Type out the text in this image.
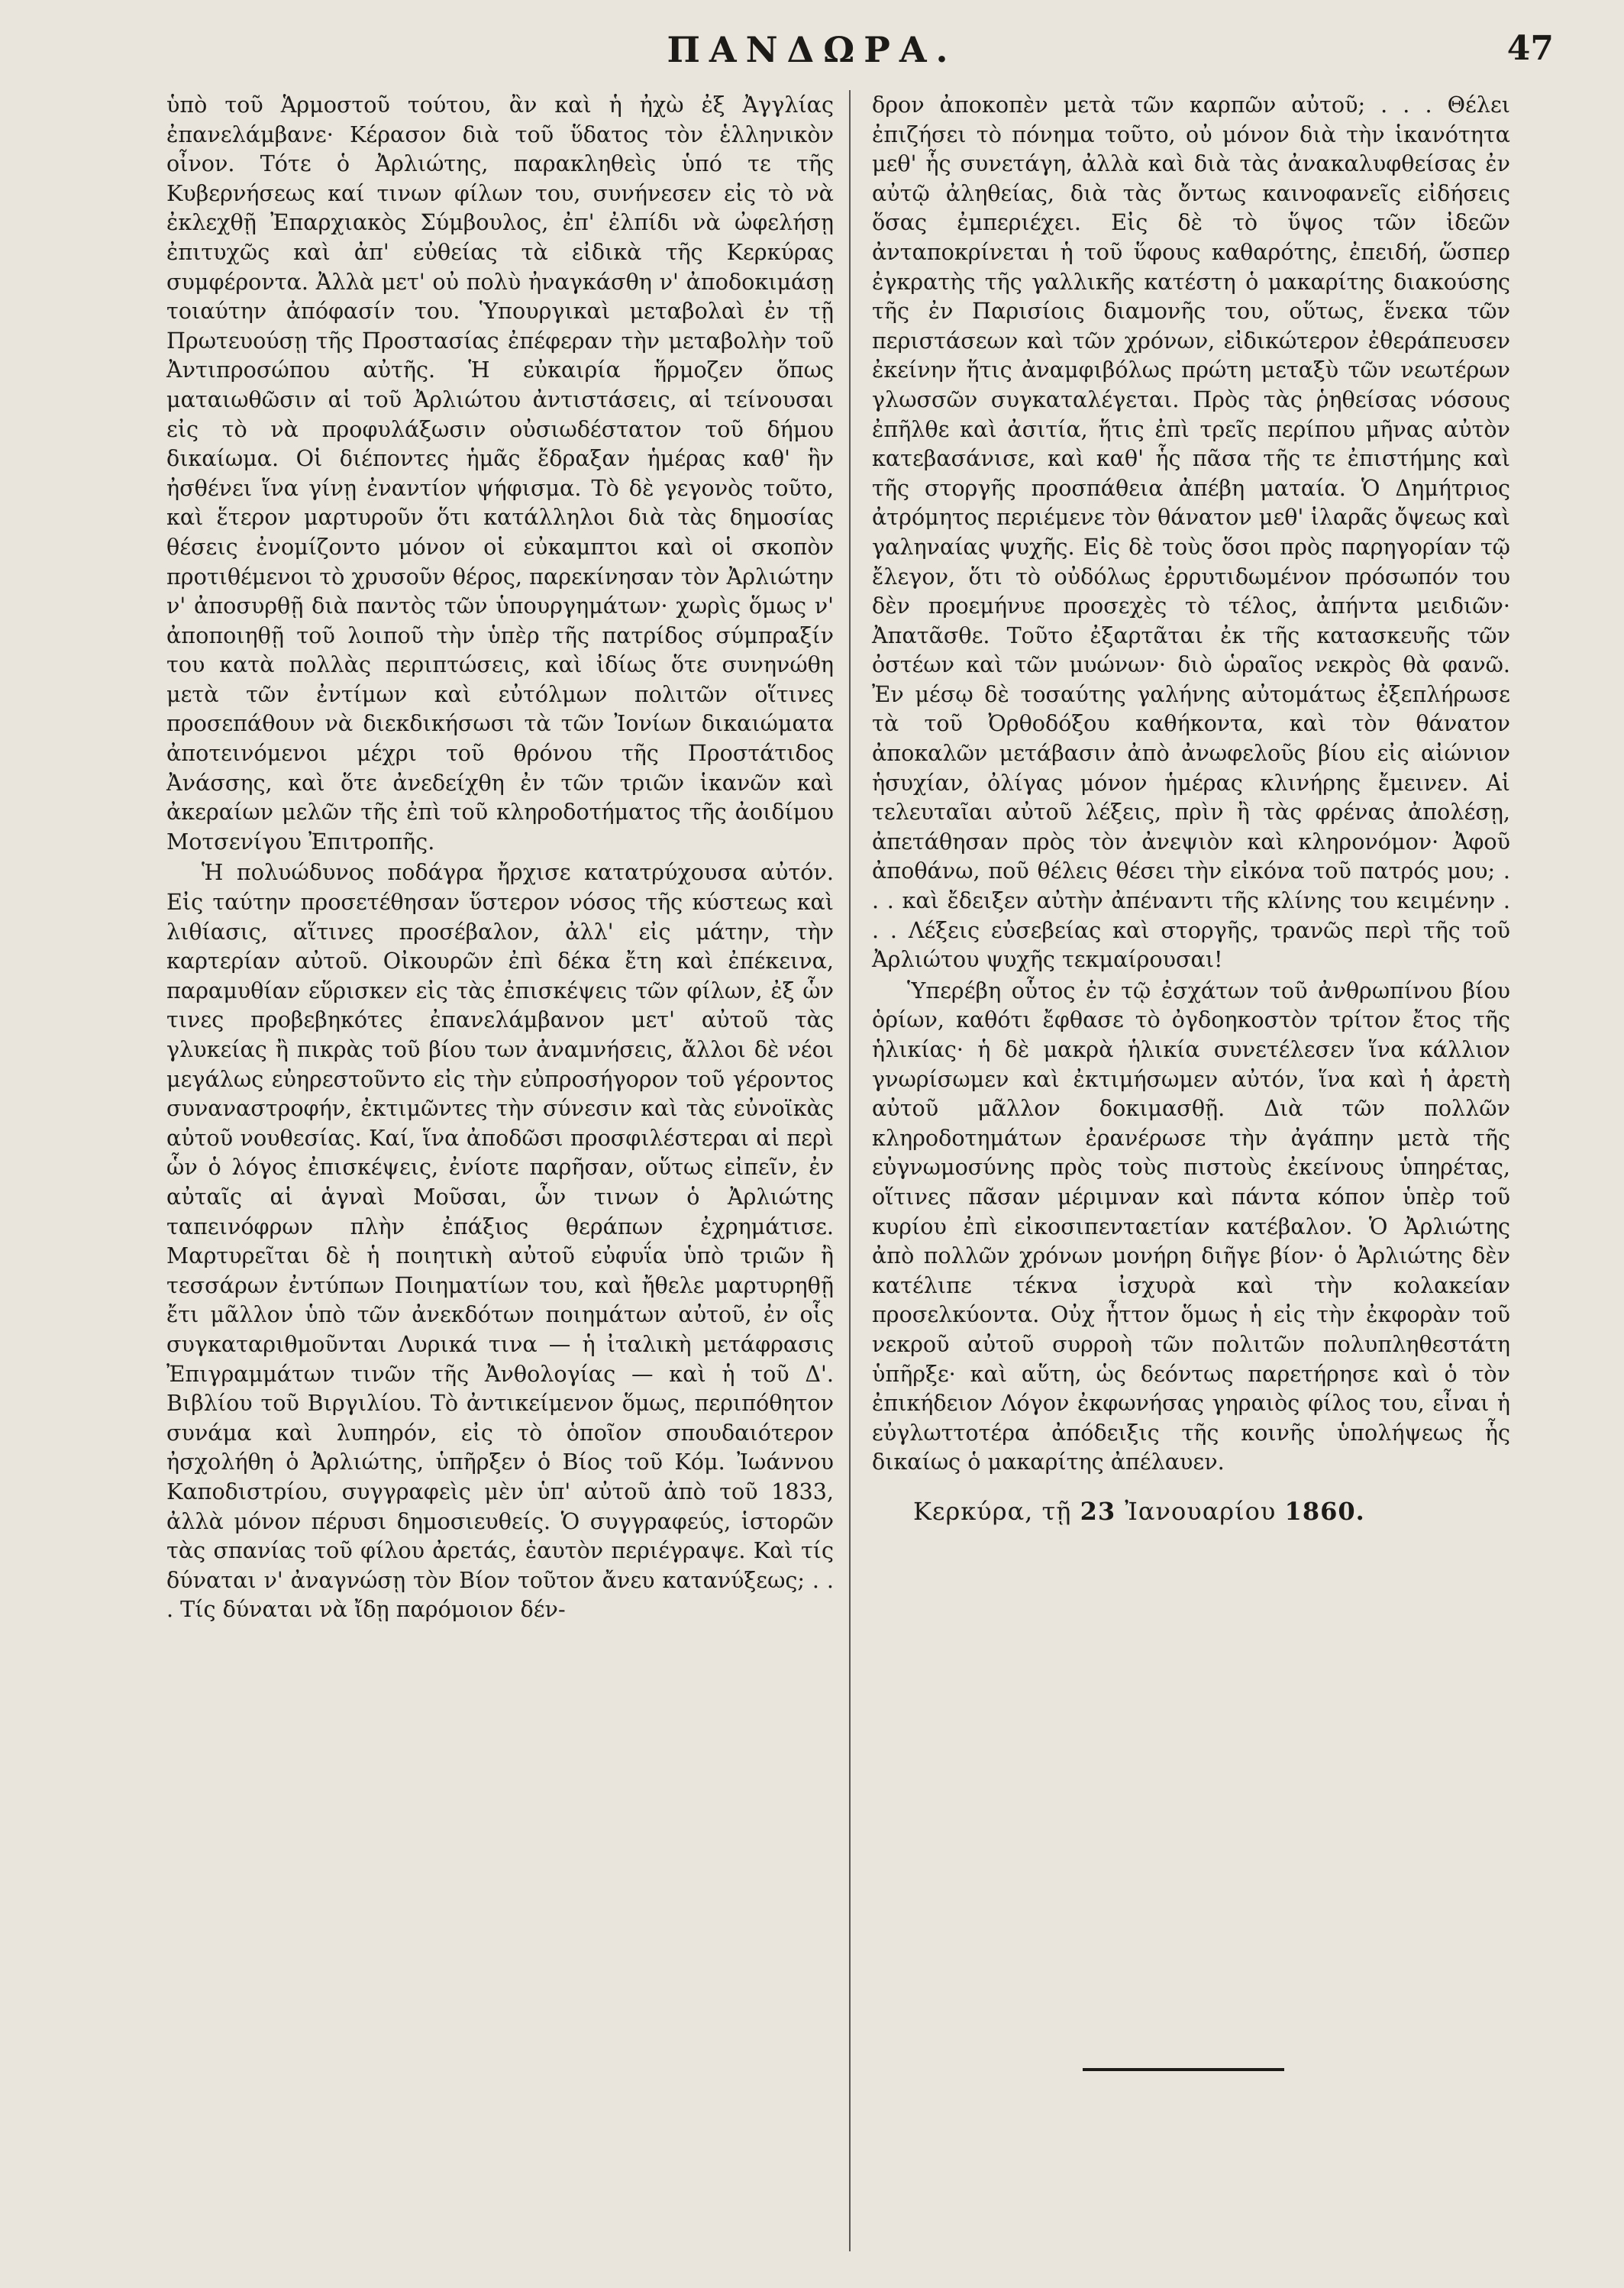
ΠΑΝΔΩΡΑ.	47

ὑπὸ τοῦ Ἁρμοστοῦ τούτου, ἂν καὶ ἡ ἠχὼ ἐξ Ἀγγλίας ἐπανελάμβανε· Κέρασον διὰ τοῦ ὕδατος τὸν ἑλληνικὸν οἶνον. Τότε ὁ Ἀρλιώτης, παρακληθεὶς ὑπό τε τῆς Κυβερνήσεως καί τινων φίλων του, συνήνεσεν εἰς τὸ νὰ ἐκλεχθῇ Ἐπαρχιακὸς Σύμβουλος, ἐπ' ἐλπίδι νὰ ὠφελήσῃ ἐπιτυχῶς καὶ ἀπ' εὐθείας τὰ εἰδικὰ τῆς Κερκύρας συμφέροντα. Ἀλλὰ μετ' οὐ πολὺ ἠναγκάσθη ν' ἀποδοκιμάσῃ τοιαύτην ἀπόφασίν του. Ὑπουργικαὶ μεταβολαὶ ἐν τῇ Πρωτευούσῃ τῆς Προστασίας ἐπέφεραν τὴν μεταβολὴν τοῦ Ἀντιπροσώπου αὐτῆς. Ἡ εὐκαιρία ἥρμοζεν ὅπως ματαιωθῶσιν αἱ τοῦ Ἀρλιώτου ἀντιστάσεις, αἱ τείνουσαι εἰς τὸ νὰ προφυλάξωσιν οὐσιωδέστατον τοῦ δήμου δικαίωμα. Οἱ διέποντες ἡμᾶς ἔδραξαν ἡμέρας καθ' ἣν ἠσθένει ἵνα γίνῃ ἐναντίον ψήφισμα. Τὸ δὲ γεγονὸς τοῦτο, καὶ ἕτερον μαρτυροῦν ὅτι κατάλληλοι διὰ τὰς δημοσίας θέσεις ἐνομίζοντο μόνον οἱ εὐκαμπτοι καὶ οἱ σκοπὸν προτιθέμενοι τὸ χρυσοῦν θέρος, παρεκίνησαν τὸν Ἀρλιώτην ν' ἀποσυρθῇ διὰ παντὸς τῶν ὑπουργημάτων· χωρὶς ὅμως ν' ἀποποιηθῇ τοῦ λοιποῦ τὴν ὑπὲρ τῆς πατρίδος σύμπραξίν του κατὰ πολλὰς περιπτώσεις, καὶ ἰδίως ὅτε συνηνώθη μετὰ τῶν ἐντίμων καὶ εὐτόλμων πολιτῶν οἵτινες προσεπάθουν νὰ διεκδικήσωσι τὰ τῶν Ἰονίων δικαιώματα ἀποτεινόμενοι μέχρι τοῦ θρόνου τῆς Προστάτιδος Ἀνάσσης, καὶ ὅτε ἀνεδείχθη ἐν τῶν τριῶν ἱκανῶν καὶ ἀκεραίων μελῶν τῆς ἐπὶ τοῦ κληροδοτήματος τῆς ἀοιδίμου Μοτσενίγου Ἐπιτροπῆς.

Ἡ πολυώδυνος ποδάγρα ἤρχισε κατατρύχουσα αὐτόν. Εἰς ταύτην προσετέθησαν ὕστερον νόσος τῆς κύστεως καὶ λιθίασις, αἵτινες προσέβαλον, ἀλλ' εἰς μάτην, τὴν καρτερίαν αὐτοῦ. Οἰκουρῶν ἐπὶ δέκα ἔτη καὶ ἐπέκεινα, παραμυθίαν εὕρισκεν εἰς τὰς ἐπισκέψεις τῶν φίλων, ἐξ ὧν τινες προβεβηκότες ἐπανελάμβανον μετ' αὐτοῦ τὰς γλυκείας ἢ πικρὰς τοῦ βίου των ἀναμνήσεις, ἄλλοι δὲ νέοι μεγάλως εὐηρεστοῦντο εἰς τὴν εὐπροσήγορον τοῦ γέροντος συναναστροφήν, ἐκτιμῶντες τὴν σύνεσιν καὶ τὰς εὐνοϊκὰς αὐτοῦ νουθεσίας. Καί, ἵνα ἀποδῶσι προσφιλέστεραι αἱ περὶ ὧν ὁ λόγος ἐπισκέψεις, ἐνίοτε παρῆσαν, οὕτως εἰπεῖν, ἐν αὐταῖς αἱ ἁγναὶ Μοῦσαι, ὧν τινων ὁ Ἀρλιώτης ταπεινόφρων πλὴν ἐπάξιος θεράπων ἐχρημάτισε. Μαρτυρεῖται δὲ ἡ ποιητικὴ αὐτοῦ εὐφυΐα ὑπὸ τριῶν ἢ τεσσάρων ἐντύπων Ποιηματίων του, καὶ ἤθελε μαρτυρηθῇ ἔτι μᾶλλον ὑπὸ τῶν ἀνεκδότων ποιημάτων αὐτοῦ, ἐν οἷς συγκαταριθμοῦνται Λυρικά τινα — ἡ ἰταλικὴ μετάφρασις Ἐπιγραμμάτων τινῶν τῆς Ἀνθολογίας — καὶ ἡ τοῦ Δ'. Βιβλίου τοῦ Βιργιλίου. Τὸ ἀντικείμενον ὅμως, περιπόθητον συνάμα καὶ λυπηρόν, εἰς τὸ ὁποῖον σπουδαιότερον ἠσχολήθη ὁ Ἀρλιώτης, ὑπῆρξεν ὁ Βίος τοῦ Κόμ. Ἰωάννου Καποδιστρίου, συγγραφεὶς μὲν ὑπ' αὐτοῦ ἀπὸ τοῦ 1833, ἀλλὰ μόνον πέρυσι δημοσιευθείς. Ὁ συγγραφεύς, ἱστορῶν τὰς σπανίας τοῦ φίλου ἀρετάς, ἑαυτὸν περιέγραψε. Καὶ τίς δύναται ν' ἀναγνώσῃ τὸν Βίον τοῦτον ἄνευ κατανύξεως; . . . Τίς δύναται νὰ ἴδῃ παρόμοιον δέν-

δρον ἀποκοπὲν μετὰ τῶν καρπῶν αὐτοῦ; . . . Θέλει ἐπιζήσει τὸ πόνημα τοῦτο, οὐ μόνον διὰ τὴν ἱκανότητα μεθ' ἧς συνετάγη, ἀλλὰ καὶ διὰ τὰς ἀνακαλυφθείσας ἐν αὐτῷ ἀληθείας, διὰ τὰς ὄντως καινοφανεῖς εἰδήσεις ὅσας ἐμπεριέχει. Εἰς δὲ τὸ ὕψος τῶν ἰδεῶν ἀνταποκρίνεται ἡ τοῦ ὕφους καθαρότης, ἐπειδή, ὥσπερ ἐγκρατὴς τῆς γαλλικῆς κατέστη ὁ μακαρίτης διακούσης τῆς ἐν Παρισίοις διαμονῆς του, οὕτως, ἕνεκα τῶν περιστάσεων καὶ τῶν χρόνων, εἰδικώτερον ἐθεράπευσεν ἐκείνην ἥτις ἀναμφιβόλως πρώτη μεταξὺ τῶν νεωτέρων γλωσσῶν συγκαταλέγεται. Πρὸς τὰς ῥηθείσας νόσους ἐπῆλθε καὶ ἀσιτία, ἥτις ἐπὶ τρεῖς περίπου μῆνας αὐτὸν κατεβασάνισε, καὶ καθ' ἧς πᾶσα τῆς τε ἐπιστήμης καὶ τῆς στοργῆς προσπάθεια ἀπέβη ματαία. Ὁ Δημήτριος ἀτρόμητος περιέμενε τὸν θάνατον μεθ' ἱλαρᾶς ὄψεως καὶ γαληναίας ψυχῆς. Εἰς δὲ τοὺς ὅσοι πρὸς παρηγορίαν τῷ ἔλεγον, ὅτι τὸ οὐδόλως ἐρρυτιδωμένον πρόσωπόν του δὲν προεμήνυε προσεχὲς τὸ τέλος, ἀπήντα μειδιῶν· Ἀπατᾶσθε. Τοῦτο ἐξαρτᾶται ἐκ τῆς κατασκευῆς τῶν ὀστέων καὶ τῶν μυώνων· διὸ ὡραῖος νεκρὸς θὰ φανῶ. Ἐν μέσῳ δὲ τοσαύτης γαλήνης αὐτομάτως ἐξεπλήρωσε τὰ τοῦ Ὀρθοδόξου καθήκοντα, καὶ τὸν θάνατον ἀποκαλῶν μετάβασιν ἀπὸ ἀνωφελοῦς βίου εἰς αἰώνιον ἡσυχίαν, ὀλίγας μόνον ἡμέρας κλινήρης ἔμεινεν. Αἱ τελευταῖαι αὐτοῦ λέξεις, πρὶν ἢ τὰς φρένας ἀπολέσῃ, ἀπετάθησαν πρὸς τὸν ἀνεψιὸν καὶ κληρονόμον· Ἀφοῦ ἀποθάνω, ποῦ θέλεις θέσει τὴν εἰκόνα τοῦ πατρός μου; . . . καὶ ἔδειξεν αὐτὴν ἀπέναντι τῆς κλίνης του κειμένην . . . Λέξεις εὐσεβείας καὶ στοργῆς, τρανῶς περὶ τῆς τοῦ Ἀρλιώτου ψυχῆς τεκμαίρουσαι!

Ὑπερέβη οὗτος ἐν τῷ ἐσχάτων τοῦ ἀνθρωπίνου βίου ὁρίων, καθότι ἔφθασε τὸ ὀγδοηκοστὸν τρίτον ἔτος τῆς ἡλικίας· ἡ δὲ μακρὰ ἡλικία συνετέλεσεν ἵνα κάλλιον γνωρίσωμεν καὶ ἐκτιμήσωμεν αὐτόν, ἵνα καὶ ἡ ἀρετὴ αὐτοῦ μᾶλλον δοκιμασθῇ. Διὰ τῶν πολλῶν κληροδοτημάτων ἐρανέρωσε τὴν ἀγάπην μετὰ τῆς εὐγνωμοσύνης πρὸς τοὺς πιστοὺς ἐκείνους ὑπηρέτας, οἵτινες πᾶσαν μέριμναν καὶ πάντα κόπον ὑπὲρ τοῦ κυρίου ἐπὶ εἰκοσιπενταετίαν κατέβαλον. Ὁ Ἀρλιώτης ἀπὸ πολλῶν χρόνων μονήρη διῆγε βίον· ὁ Ἀρλιώτης δὲν κατέλιπε τέκνα ἰσχυρὰ καὶ τὴν κολακείαν προσελκύοντα. Οὐχ ἧττον ὅμως ἡ εἰς τὴν ἐκφορὰν τοῦ νεκροῦ αὐτοῦ συρροὴ τῶν πολιτῶν πολυπληθεστάτη ὑπῆρξε· καὶ αὕτη, ὡς δεόντως παρετήρησε καὶ ὁ τὸν ἐπικήδειον Λόγον ἐκφωνήσας γηραιὸς φίλος του, εἶναι ἡ εὐγλωττοτέρα ἀπόδειξις τῆς κοινῆς ὑπολήψεως ἧς δικαίως ὁ μακαρίτης ἀπέλαυεν.

Κερκύρα, τῇ 23 Ἰανουαρίου 1860.
